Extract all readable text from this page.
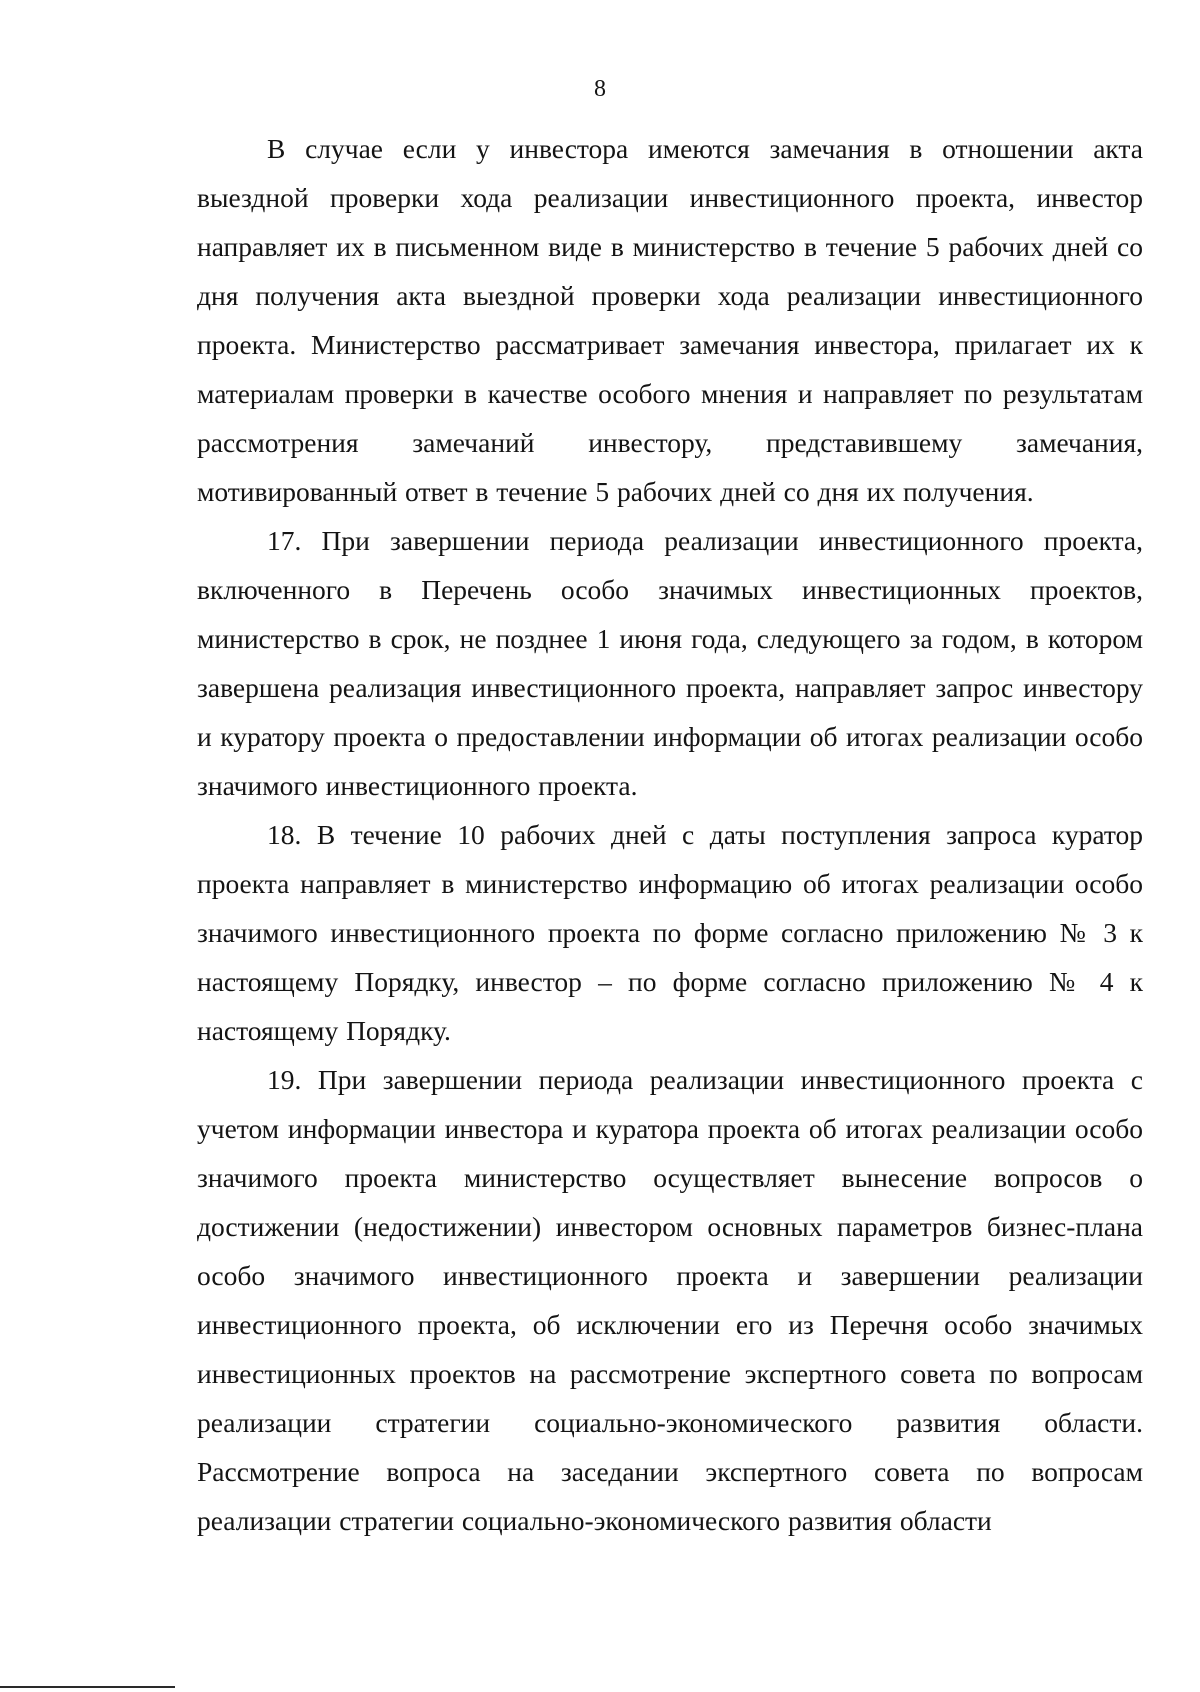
8

В случае если у инвестора имеются замечания в отношении акта выездной проверки хода реализации инвестиционного проекта, инвестор направляет их в письменном виде в министерство в течение 5 рабочих дней со дня получения акта выездной проверки хода реализации инвестиционного проекта. Министерство рассматривает замечания инвестора, прилагает их к материалам проверки в качестве особого мнения и направляет по результатам рассмотрения замечаний инвестору, представившему замечания, мотивированный ответ в течение 5 рабочих дней со дня их получения.

17. При завершении периода реализации инвестиционного проекта, включенного в Перечень особо значимых инвестиционных проектов, министерство в срок, не позднее 1 июня года, следующего за годом, в котором завершена реализация инвестиционного проекта, направляет запрос инвестору и куратору проекта о предоставлении информации об итогах реализации особо значимого инвестиционного проекта.

18. В течение 10 рабочих дней с даты поступления запроса куратор проекта направляет в министерство информацию об итогах реализации особо значимого инвестиционного проекта по форме согласно приложению № 3 к настоящему Порядку, инвестор – по форме согласно приложению № 4 к настоящему Порядку.

19. При завершении периода реализации инвестиционного проекта с учетом информации инвестора и куратора проекта об итогах реализации особо значимого проекта министерство осуществляет вынесение вопросов о достижении (недостижении) инвестором основных параметров бизнес-плана особо значимого инвестиционного проекта и завершении реализации инвестиционного проекта, об исключении его из Перечня особо значимых инвестиционных проектов на рассмотрение экспертного совета по вопросам реализации стратегии социально-экономического развития области. Рассмотрение вопроса на заседании экспертного совета по вопросам реализации стратегии социально-экономического развития области
